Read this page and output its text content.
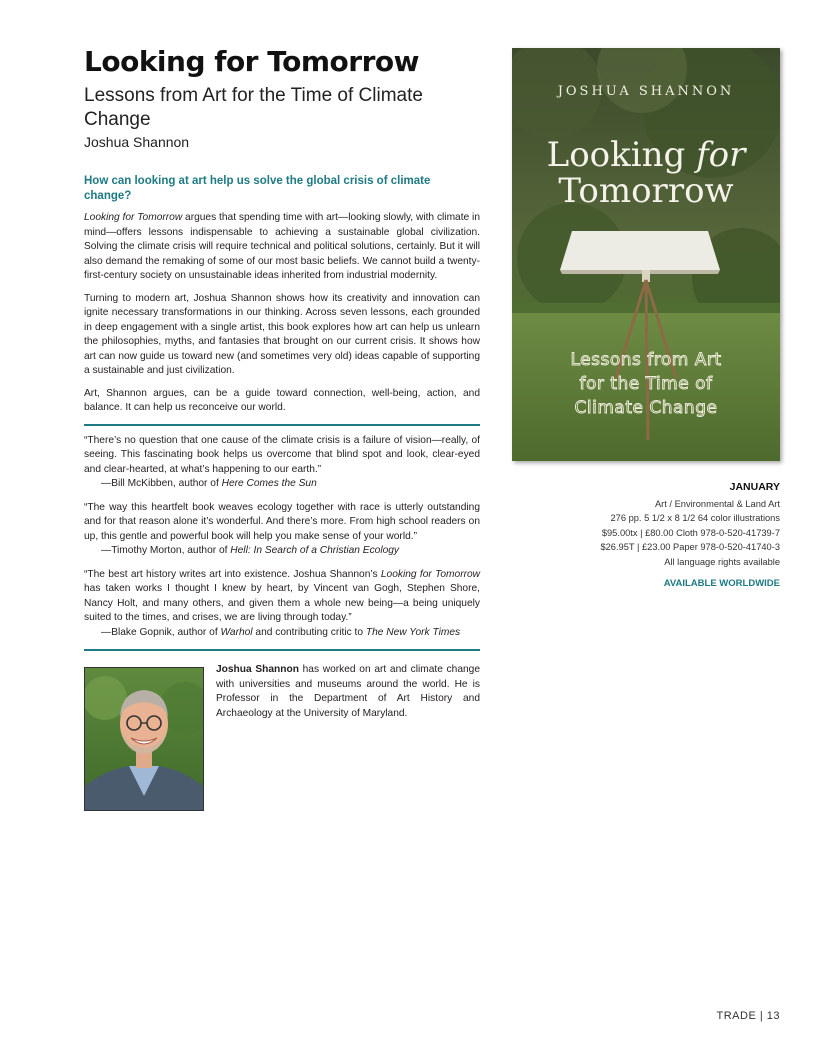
Looking for Tomorrow

Lessons from Art for the Time of Climate Change

Joshua Shannon

How can looking at art help us solve the global crisis of climate change?

Looking for Tomorrow argues that spending time with art—looking slowly, with climate in mind—offers lessons indispensable to achieving a sustainable global civilization. Solving the climate crisis will require technical and political solutions, certainly. But it will also demand the remaking of some of our most basic beliefs. We cannot build a twenty-first-century society on unsustainable ideas inherited from industrial modernity.

Turning to modern art, Joshua Shannon shows how its creativity and innovation can ignite necessary transformations in our thinking. Across seven lessons, each grounded in deep engagement with a single artist, this book explores how art can help us unlearn the philosophies, myths, and fantasies that brought on our current crisis. It shows how art can now guide us toward new (and sometimes very old) ideas capable of supporting a sustainable and just civilization.

Art, Shannon argues, can be a guide toward connection, well-being, action, and balance. It can help us reconceive our world.

“There’s no question that one cause of the climate crisis is a failure of vision—really, of seeing. This fascinating book helps us overcome that blind spot and look, clear-eyed and clear-hearted, at what’s happening to our earth.”

—Bill McKibben, author of Here Comes the Sun

“The way this heartfelt book weaves ecology together with race is utterly outstanding and for that reason alone it’s wonderful. And there’s more. From high school readers on up, this gentle and powerful book will help you make sense of your world.”

—Timothy Morton, author of Hell: In Search of a Christian Ecology

“The best art history writes art into existence. Joshua Shannon’s Looking for Tomorrow has taken works I thought I knew by heart, by Vincent van Gogh, Stephen Shore, Nancy Holt, and many others, and given them a whole new being—a being uniquely suited to the times, and crises, we are living through today.”

—Blake Gopnik, author of Warhol and contributing critic to The New York Times

Joshua Shannon has worked on art and climate change with universities and museums around the world. He is Professor in the Department of Art History and Archaeology at the University of Maryland.

JOSHUA SHANNON
Looking for
Tomorrow
Lessons from Art
for the Time of
Climate Change
JANUARY
Art / Environmental & Land Art
276 pp. 5 1/2 x 8 1/2 64 color illustrations
$95.00tx | £80.00 Cloth 978-0-520-41739-7
$26.95T | £23.00 Paper 978-0-520-41740-3
All language rights available
AVAILABLE WORLDWIDE
TRADE | 13
